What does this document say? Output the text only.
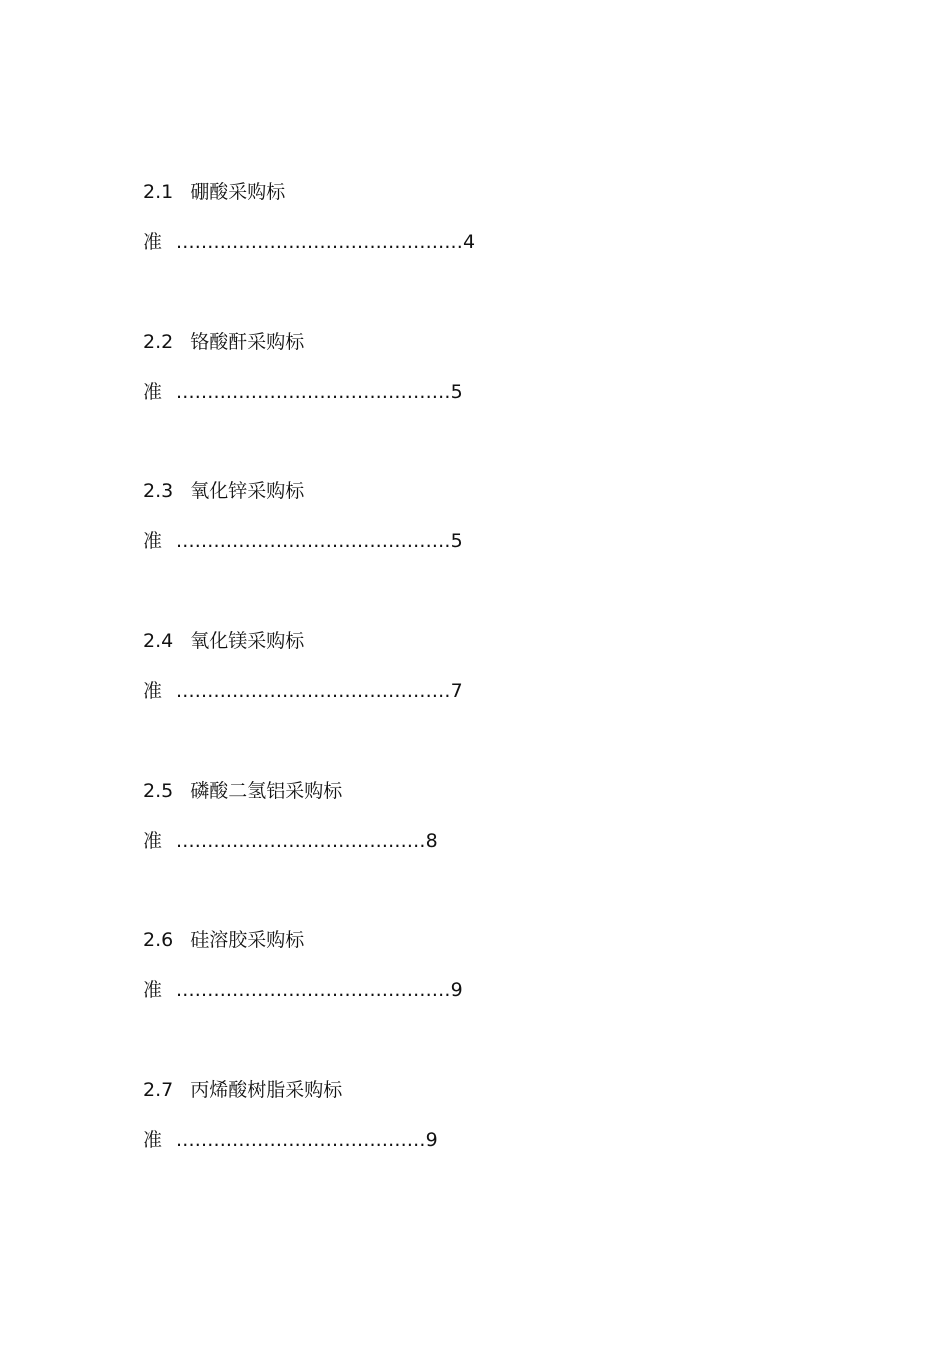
2.1 硼酸采购标
准 ..............................................4
2.2 铬酸酐采购标
准 ............................................5
2.3 氧化锌采购标
准 ............................................5
2.4 氧化镁采购标
准 ............................................7
2.5 磷酸二氢铝采购标
准 ........................................8
2.6 硅溶胶采购标
准 ............................................9
2.7 丙烯酸树脂采购标
准 ........................................9
